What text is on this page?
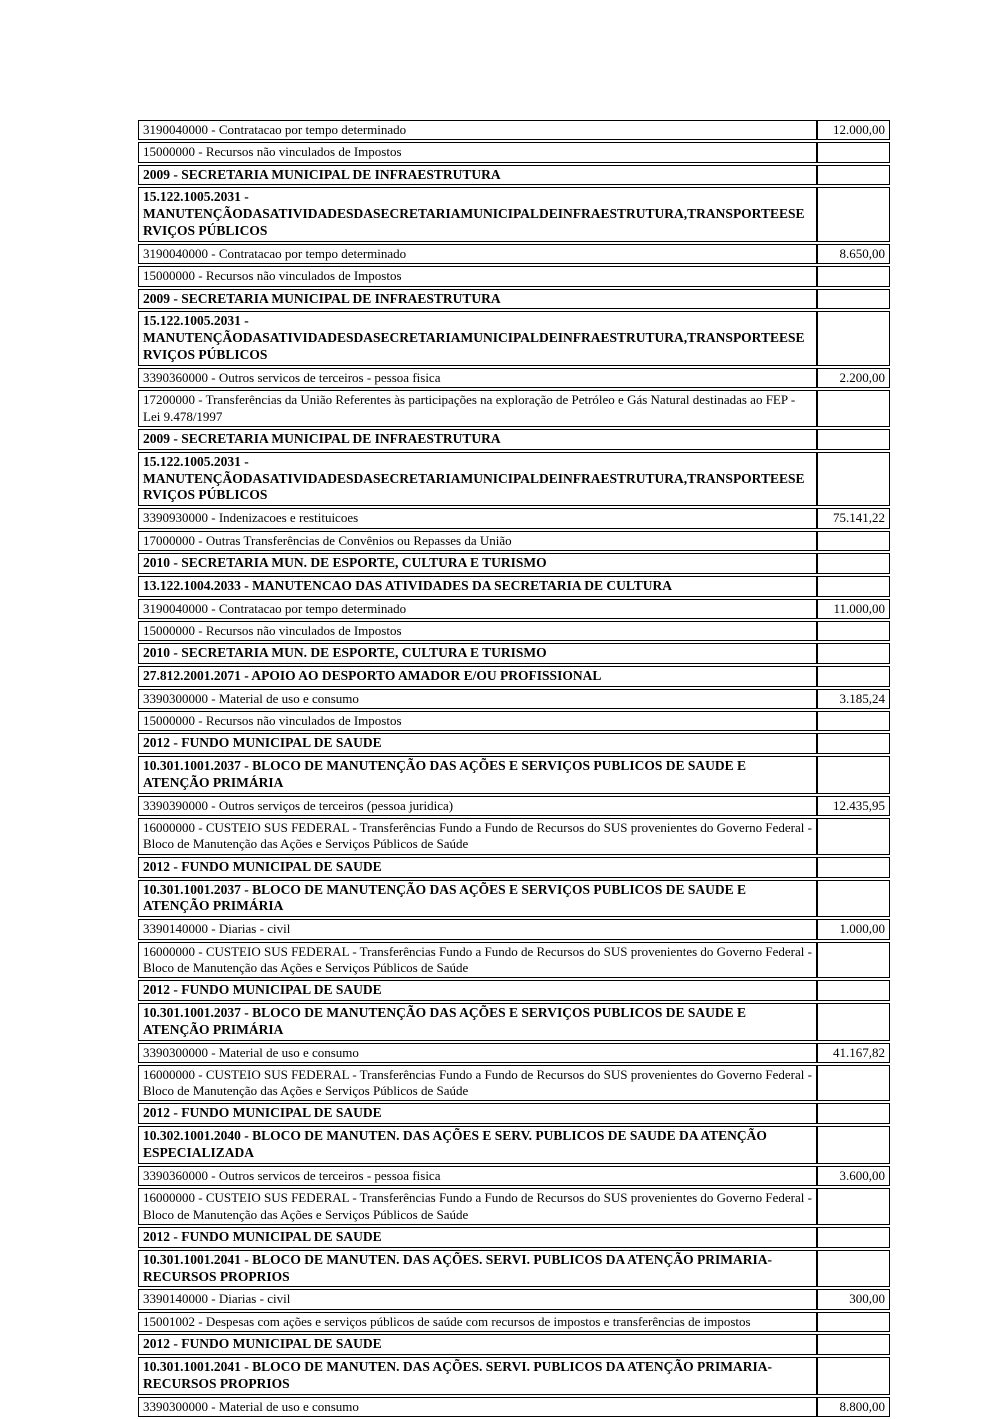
3190040000 - Contratacao por tempo determinado	12.000,00
15000000 - Recursos não vinculados de Impostos	
2009 - SECRETARIA MUNICIPAL DE INFRAESTRUTURA	
15.122.1005.2031 - MANUTENÇÃODASATIVIDADESDASECRETARIAMUNICIPALDEINFRAESTRUTURA,TRANSPORTEESERVIÇOS PÚBLICOS	
3190040000 - Contratacao por tempo determinado	8.650,00
15000000 - Recursos não vinculados de Impostos	
2009 - SECRETARIA MUNICIPAL DE INFRAESTRUTURA	
15.122.1005.2031 - MANUTENÇÃODASATIVIDADESDASECRETARIAMUNICIPALDEINFRAESTRUTURA,TRANSPORTEESERVIÇOS PÚBLICOS	
3390360000 - Outros servicos de terceiros - pessoa fisica	2.200,00
17200000 - Transferências da União Referentes às participações na exploração de Petróleo e Gás Natural destinadas ao FEP - Lei 9.478/1997	
2009 - SECRETARIA MUNICIPAL DE INFRAESTRUTURA	
15.122.1005.2031 - MANUTENÇÃODASATIVIDADESDASECRETARIAMUNICIPALDEINFRAESTRUTURA,TRANSPORTEESERVIÇOS PÚBLICOS	
3390930000 - Indenizacoes e restituicoes	75.141,22
17000000 - Outras Transferências de Convênios ou Repasses da União	
2010 - SECRETARIA MUN. DE ESPORTE, CULTURA E TURISMO	
13.122.1004.2033 - MANUTENCAO DAS ATIVIDADES DA SECRETARIA DE CULTURA	
3190040000 - Contratacao por tempo determinado	11.000,00
15000000 - Recursos não vinculados de Impostos	
2010 - SECRETARIA MUN. DE ESPORTE, CULTURA E TURISMO	
27.812.2001.2071 - APOIO AO DESPORTO AMADOR E/OU PROFISSIONAL	
3390300000 - Material de uso e consumo	3.185,24
15000000 - Recursos não vinculados de Impostos	
2012 - FUNDO MUNICIPAL DE SAUDE	
10.301.1001.2037 - BLOCO DE MANUTENÇÃO DAS AÇÕES E SERVIÇOS PUBLICOS DE SAUDE E ATENÇÃO PRIMÁRIA	
3390390000 - Outros serviços de terceiros (pessoa juridica)	12.435,95
16000000 - CUSTEIO SUS FEDERAL - Transferências Fundo a Fundo de Recursos do SUS provenientes do Governo Federal - Bloco de Manutenção das Ações e Serviços Públicos de Saúde	
2012 - FUNDO MUNICIPAL DE SAUDE	
10.301.1001.2037 - BLOCO DE MANUTENÇÃO DAS AÇÕES E SERVIÇOS PUBLICOS DE SAUDE E ATENÇÃO PRIMÁRIA	
3390140000 - Diarias - civil	1.000,00
16000000 - CUSTEIO SUS FEDERAL - Transferências Fundo a Fundo de Recursos do SUS provenientes do Governo Federal - Bloco de Manutenção das Ações e Serviços Públicos de Saúde	
2012 - FUNDO MUNICIPAL DE SAUDE	
10.301.1001.2037 - BLOCO DE MANUTENÇÃO DAS AÇÕES E SERVIÇOS PUBLICOS DE SAUDE E ATENÇÃO PRIMÁRIA	
3390300000 - Material de uso e consumo	41.167,82
16000000 - CUSTEIO SUS FEDERAL - Transferências Fundo a Fundo de Recursos do SUS provenientes do Governo Federal - Bloco de Manutenção das Ações e Serviços Públicos de Saúde	
2012 - FUNDO MUNICIPAL DE SAUDE	
10.302.1001.2040 - BLOCO DE MANUTEN. DAS AÇÕES E SERV. PUBLICOS DE SAUDE DA ATENÇÃO ESPECIALIZADA	
3390360000 - Outros servicos de terceiros - pessoa fisica	3.600,00
16000000 - CUSTEIO SUS FEDERAL - Transferências Fundo a Fundo de Recursos do SUS provenientes do Governo Federal - Bloco de Manutenção das Ações e Serviços Públicos de Saúde	
2012 - FUNDO MUNICIPAL DE SAUDE	
10.301.1001.2041 - BLOCO DE MANUTEN. DAS AÇÕES. SERVI. PUBLICOS DA ATENÇÃO PRIMARIA- RECURSOS PROPRIOS	
3390140000 - Diarias - civil	300,00
15001002 - Despesas com ações e serviços públicos de saúde com recursos de impostos e transferências de impostos	
2012 - FUNDO MUNICIPAL DE SAUDE	
10.301.1001.2041 - BLOCO DE MANUTEN. DAS AÇÕES. SERVI. PUBLICOS DA ATENÇÃO PRIMARIA- RECURSOS PROPRIOS	
3390300000 - Material de uso e consumo	8.800,00
